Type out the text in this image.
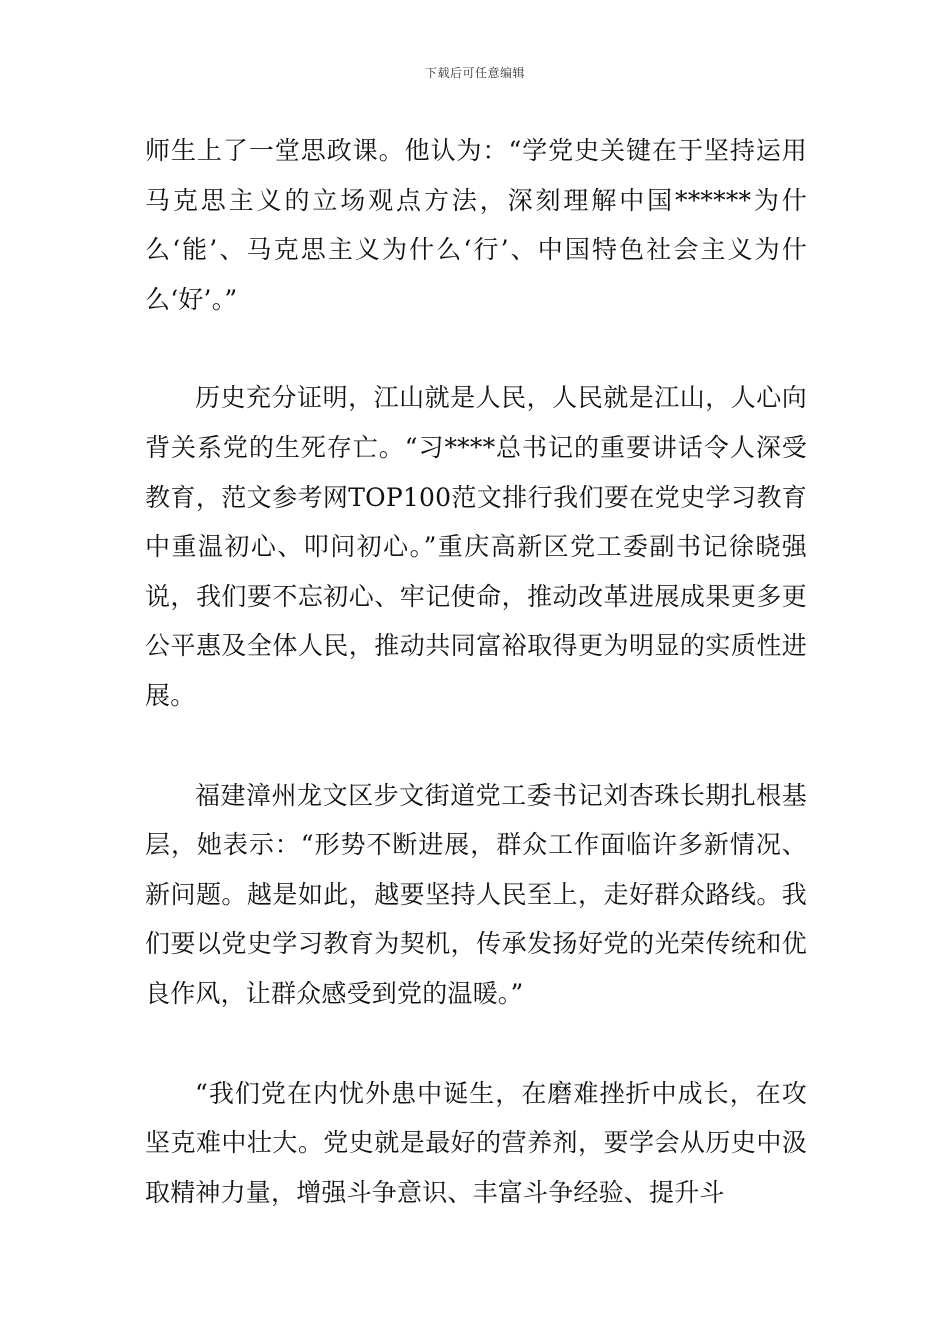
下载后可任意编辑

师生上了一堂思政课。他认为：“学党史关键在于坚持运用马克思主义的立场观点方法，深刻理解中国******为什么‘能’、马克思主义为什么‘行’、中国特色社会主义为什么‘好’。”

历史充分证明，江山就是人民，人民就是江山，人心向背关系党的生死存亡。“习****总书记的重要讲话令人深受教育，范文参考网TOP100范文排行我们要在党史学习教育中重温初心、叩问初心。”重庆高新区党工委副书记徐晓强说，我们要不忘初心、牢记使命，推动改革进展成果更多更公平惠及全体人民，推动共同富裕取得更为明显的实质性进展。

福建漳州龙文区步文街道党工委书记刘杏珠长期扎根基层，她表示：“形势不断进展，群众工作面临许多新情况、新问题。越是如此，越要坚持人民至上，走好群众路线。我们要以党史学习教育为契机，传承发扬好党的光荣传统和优良作风，让群众感受到党的温暖。”

“我们党在内忧外患中诞生，在磨难挫折中成长，在攻坚克难中壮大。党史就是最好的营养剂，要学会从历史中汲取精神力量，增强斗争意识、丰富斗争经验、提升斗
